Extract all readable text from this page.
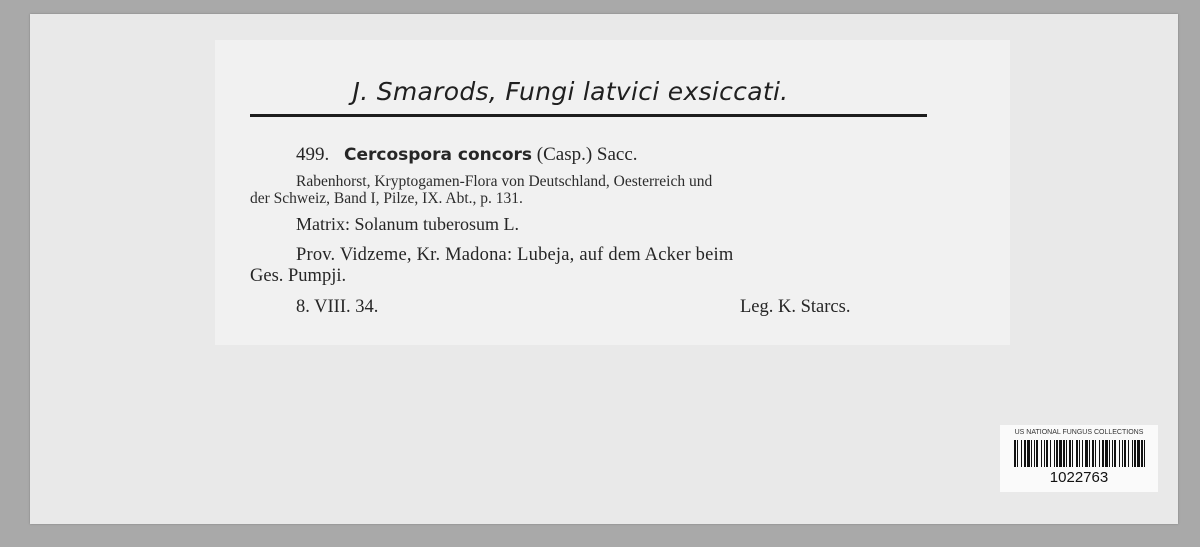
J. Smarods, Fungi latvici exsiccati.
499. Cercospora concors (Casp.) Sacc.
Rabenhorst, Kryptogamen-Flora von Deutschland, Oesterreich und
der Schweiz, Band I, Pilze, IX. Abt., p. 131.
Matrix: Solanum tuberosum L.
Prov. Vidzeme, Kr. Madona: Lubeja, auf dem Acker beim
Ges. Pumpji.
8. VIII. 34.	Leg. K. Starcs.
US NATIONAL FUNGUS COLLECTIONS
1022763
